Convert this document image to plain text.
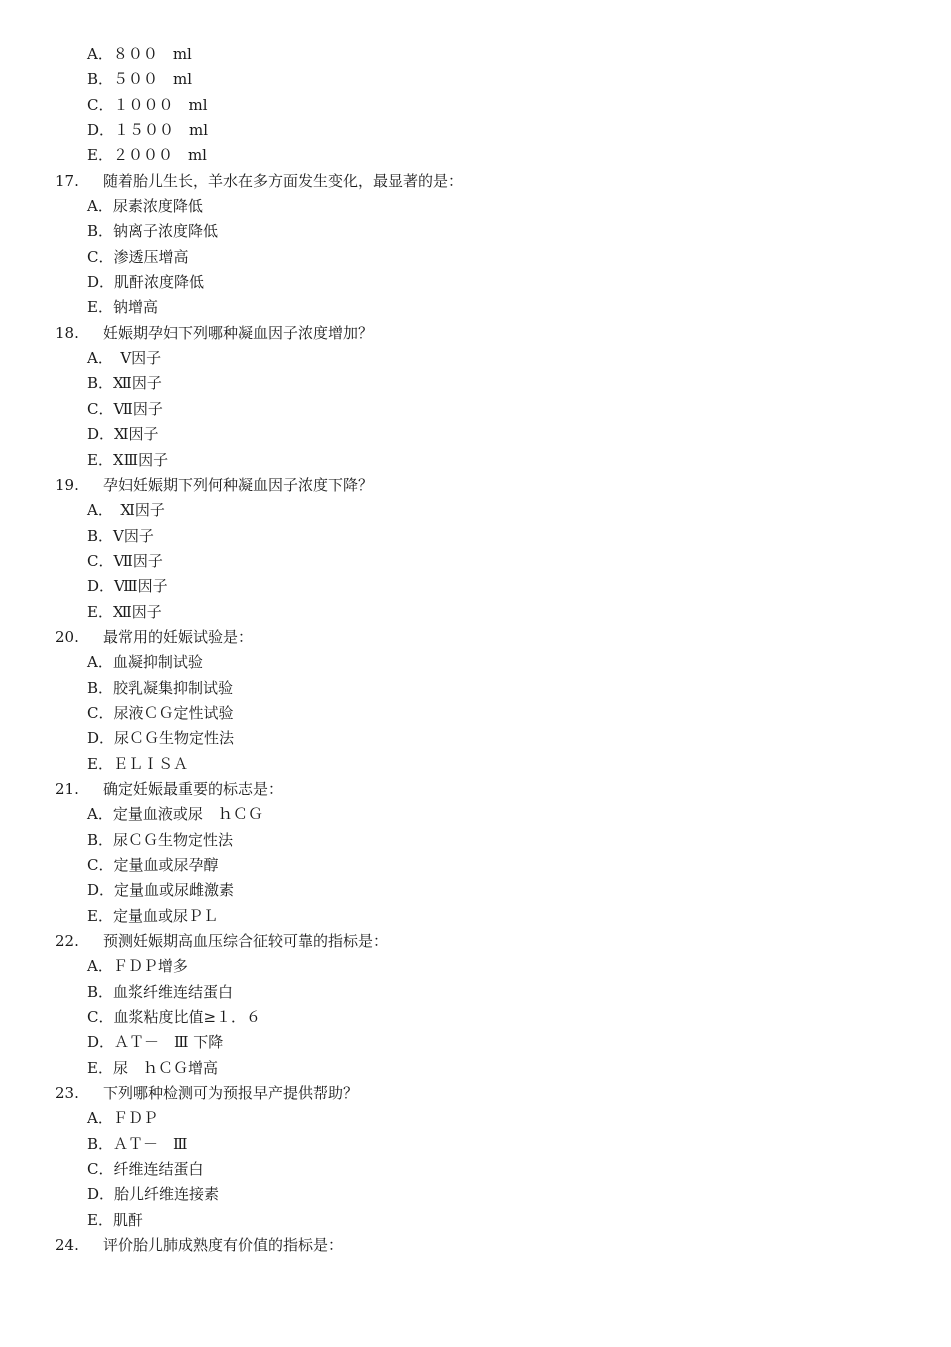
A．８００　ml
B．５００　ml
C．１０００　ml
D．１５００　ml
E．２０００　ml
17. 随着胎儿生长，羊水在多方面发生变化，最显著的是：
A．尿素浓度降低
B．钠离子浓度降低
C．渗透压增高
D．肌酐浓度降低
E．钠增高
18. 妊娠期孕妇下列哪种凝血因子浓度增加？
A．　Ⅴ因子
B．Ⅻ因子
C．Ⅶ因子
D．Ⅺ因子
E．ⅩⅢ因子
19. 孕妇妊娠期下列何种凝血因子浓度下降？
A．　Ⅺ因子
B．Ⅴ因子
C．Ⅶ因子
D．Ⅷ因子
E．Ⅻ因子
20. 最常用的妊娠试验是：
A．血凝抑制试验
B．胶乳凝集抑制试验
C．尿液ＣＧ定性试验
D．尿ＣＧ生物定性法
E．ＥＬＩＳＡ
21. 确定妊娠最重要的标志是：
A．定量血液或尿　ｈＣＧ
B．尿ＣＧ生物定性法
C．定量血或尿孕醇
D．定量血或尿雌激素
E．定量血或尿ＰＬ
22. 预测妊娠期高血压综合征较可靠的指标是：
A．ＦＤＰ增多
B．血浆纤维连结蛋白
C．血浆粘度比值≥１．６
D．ＡＴ－　Ⅲ 下降
E．尿　ｈＣＧ增高
23. 下列哪种检测可为预报早产提供帮助？
A．ＦＤＰ
B．ＡＴ－　Ⅲ
C．纤维连结蛋白
D．胎儿纤维连接素
E．肌酐
24. 评价胎儿肺成熟度有价值的指标是：
